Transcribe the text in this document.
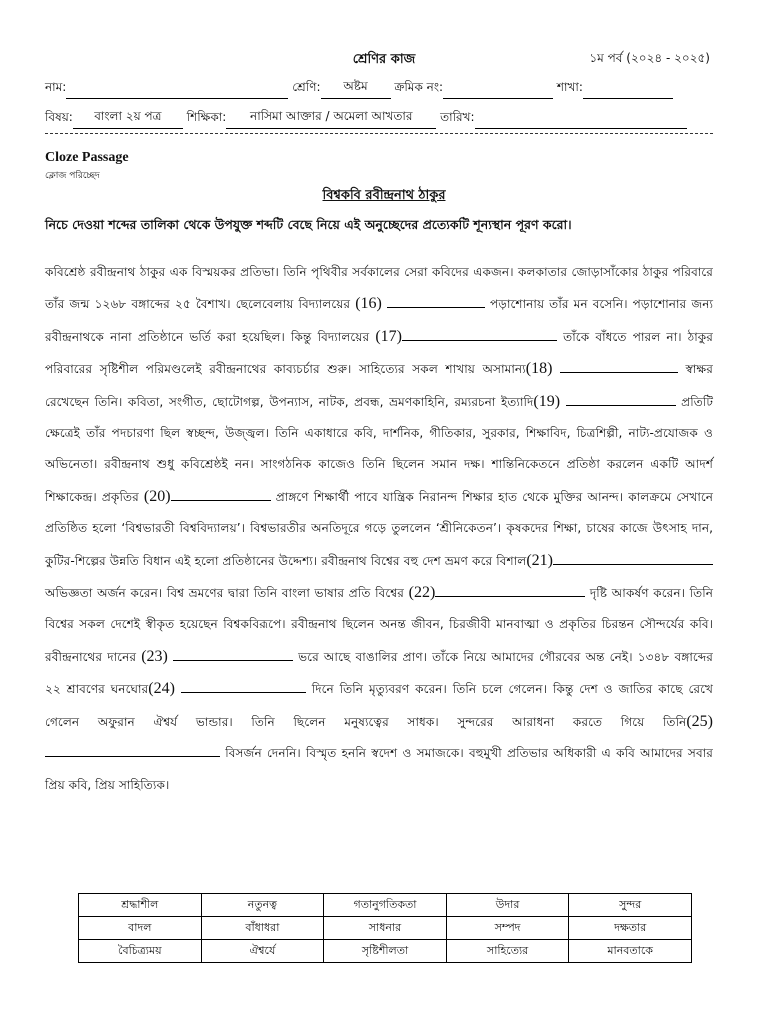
শ্রেণির কাজ	১ম পর্ব (২০২৪ - ২০২৫)
নাম:	শ্রেণি: অষ্টম ক্রমিক নং:	শাখা:
বিষয়: বাংলা ২য় পত্র শিক্ষিকা: নাসিমা আক্তার / অমেলা আখতার তারিখ:
Cloze Passage
ক্লোজ পরিচ্ছেদ
বিশ্বকবি রবীন্দ্রনাথ ঠাকুর
নিচে দেওয়া শব্দের তালিকা থেকে উপযুক্ত শব্দটি বেছে নিয়ে এই অনুচ্ছেদের প্রত্যেকটি শূন্যস্থান পূরণ করো।
কবিশ্রেষ্ঠ রবীন্দ্রনাথ ঠাকুর এক বিস্ময়কর প্রতিভা। তিনি পৃথিবীর সর্বকালের সেরা কবিদের একজন। কলকাতার জোড়াসাঁকোর ঠাকুর পরিবারে তাঁর জন্ম ১২৬৮ বঙ্গাব্দের ২৫ বৈশাখ। ছেলেবেলায় বিদ্যালয়ের (16)	পড়াশোনায় তাঁর মন বসেনি। পড়াশোনার জন্য রবীন্দ্রনাথকে নানা প্রতিষ্ঠানে ভর্তি করা হয়েছিল। কিন্তু বিদ্যালয়ের (17)	তাঁকে বাঁধতে পারল না। ঠাকুর পরিবারের সৃষ্টিশীল পরিমণ্ডলেই রবীন্দ্রনাথের কাব্যচর্চার শুরু। সাহিত্যের সকল শাখায় অসামান্য(18)	স্বাক্ষর রেখেছেন তিনি। কবিতা, সংগীত, ছোটোগল্প, উপন্যাস, নাটক, প্রবন্ধ, ভ্রমণকাহিনি, রম্যরচনা ইত্যাদি(19)	প্রতিটি ক্ষেত্রেই তাঁর পদচারণা ছিল স্বচ্ছন্দ, উজ্জ্বল। তিনি একাধারে কবি, দার্শনিক, গীতিকার, সুরকার, শিক্ষাবিদ, চিত্রশিল্পী, নাট্য-প্রযোজক ও অভিনেতা। রবীন্দ্রনাথ শুধু কবিশ্রেষ্ঠই নন। সাংগঠনিক কাজেও তিনি ছিলেন সমান দক্ষ। শান্তিনিকেতনে প্রতিষ্ঠা করলেন একটি আদর্শ শিক্ষাকেন্দ্র। প্রকৃতির (20)	প্রাঙ্গণে শিক্ষার্থী পাবে যান্ত্রিক নিরানন্দ শিক্ষার হাত থেকে মুক্তির আনন্দ। কালক্রমে সেখানে প্রতিষ্ঠিত হলো ‘বিশ্বভারতী বিশ্ববিদ্যালয়’। বিশ্বভারতীর অনতিদূরে গড়ে তুললেন ‘শ্রীনিকেতন’। কৃষকদের শিক্ষা, চাষের কাজে উৎসাহ দান, কুটির-শিল্পের উন্নতি বিধান এই হলো প্রতিষ্ঠানের উদ্দেশ্য। রবীন্দ্রনাথ বিশ্বের বহু দেশ ভ্রমণ করে বিশাল(21) অভিজ্ঞতা অর্জন করেন। বিশ্ব ভ্রমণের দ্বারা তিনি বাংলা ভাষার প্রতি বিশ্বের (22)	দৃষ্টি আকর্ষণ করেন। তিনি বিশ্বের সকল দেশেই স্বীকৃত হয়েছেন বিশ্বকবিরূপে। রবীন্দ্রনাথ ছিলেন অনন্ত জীবন, চিরজীবী মানবাত্মা ও প্রকৃতির চিরন্তন সৌন্দর্যের কবি। রবীন্দ্রনাথের দানের (23)	ভরে আছে বাঙালির প্রাণ। তাঁকে নিয়ে আমাদের গৌরবের অন্ত নেই। ১৩৪৮ বঙ্গাব্দের ২২ শ্রাবণের ঘনঘোর(24)	দিনে তিনি মৃত্যুবরণ করেন। তিনি চলে গেলেন। কিন্তু দেশ ও জাতির কাছে রেখে গেলেন অফুরান ঐশ্বর্য ভান্ডার। তিনি ছিলেন মনুষ্যত্বের সাধক। সুন্দরের আরাধনা করতে গিয়ে তিনি(25)  বিসর্জন দেননি। বিস্মৃত হননি স্বদেশ ও সমাজকে। বহুমুখী প্রতিভার অধিকারী এ কবি আমাদের সবার প্রিয় কবি, প্রিয় সাহিত্যিক।
শ্রদ্ধাশীল	নতুনত্ব	গতানুগতিকতা	উদার	সুন্দর
বাদল	বাঁধাধরা	সাধনার	সম্পদ	দক্ষতার
বৈচিত্র্যময়	ঐশ্বর্যে	সৃষ্টিশীলতা	সাহিত্যের	মানবতাকে
